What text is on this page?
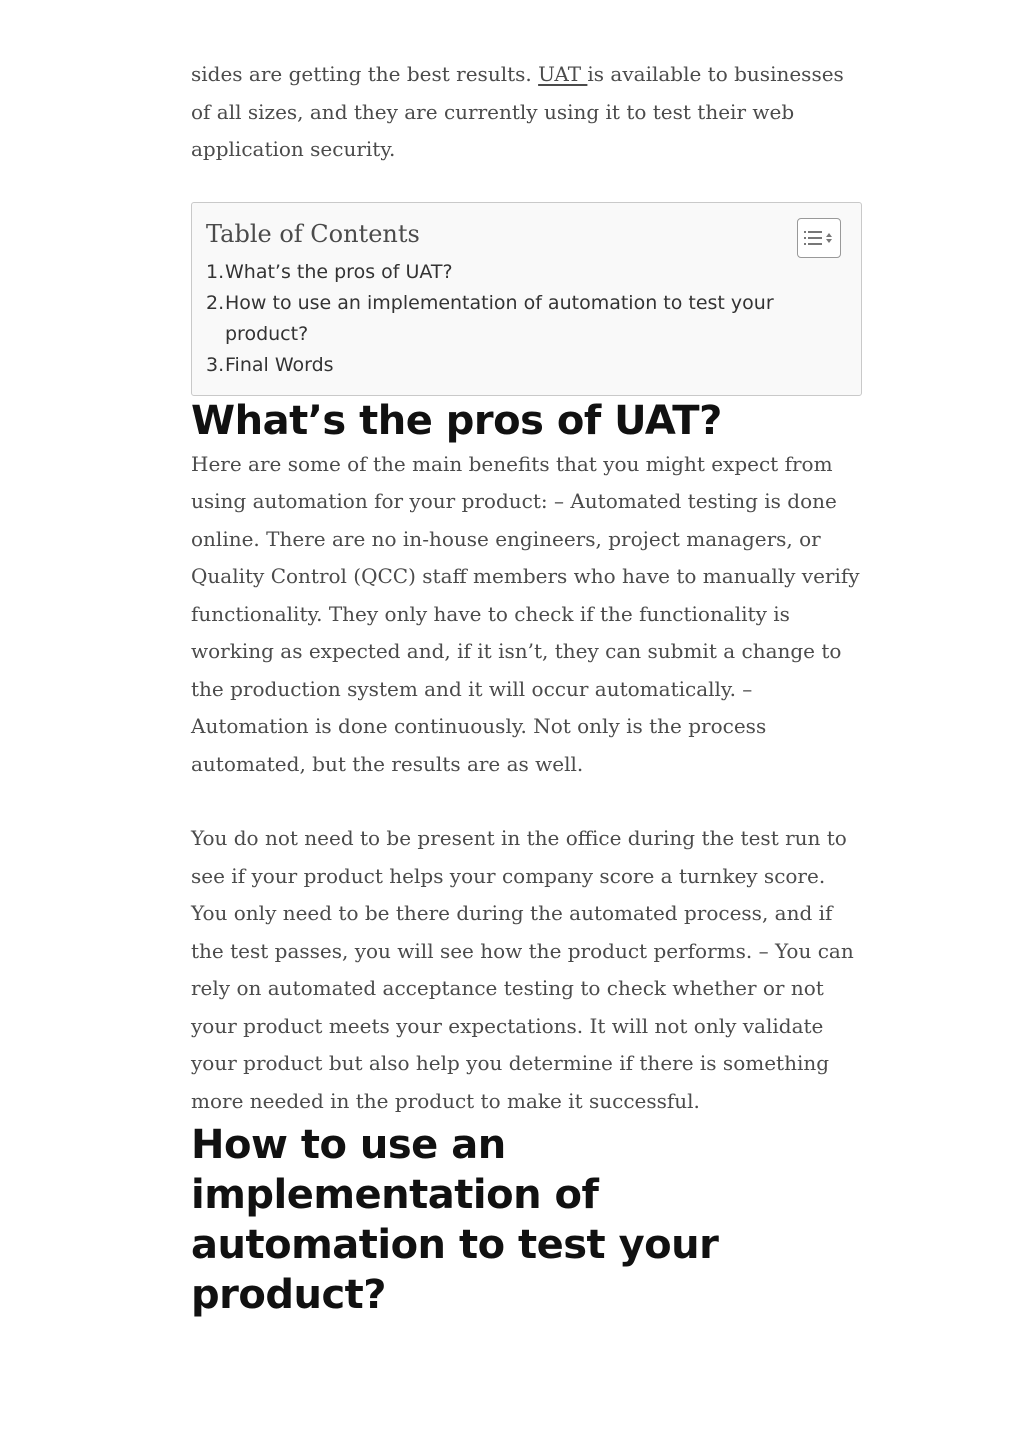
sides are getting the best results. UAT is available to businesses of all sizes, and they are currently using it to test their web application security.

Table of Contents
1. What’s the pros of UAT?
2. How to use an implementation of automation to test your product?
3. Final Words
What’s the pros of UAT?

Here are some of the main benefits that you might expect from using automation for your product: – Automated testing is done online. There are no in-house engineers, project managers, or Quality Control (QCC) staff members who have to manually verify functionality. They only have to check if the functionality is working as expected and, if it isn’t, they can submit a change to the production system and it will occur automatically. – Automation is done continuously. Not only is the process automated, but the results are as well.

You do not need to be present in the office during the test run to see if your product helps your company score a turnkey score. You only need to be there during the automated process, and if the test passes, you will see how the product performs. – You can rely on automated acceptance testing to check whether or not your product meets your expectations. It will not only validate your product but also help you determine if there is something more needed in the product to make it successful.

How to use an implementation of automation to test your product?
